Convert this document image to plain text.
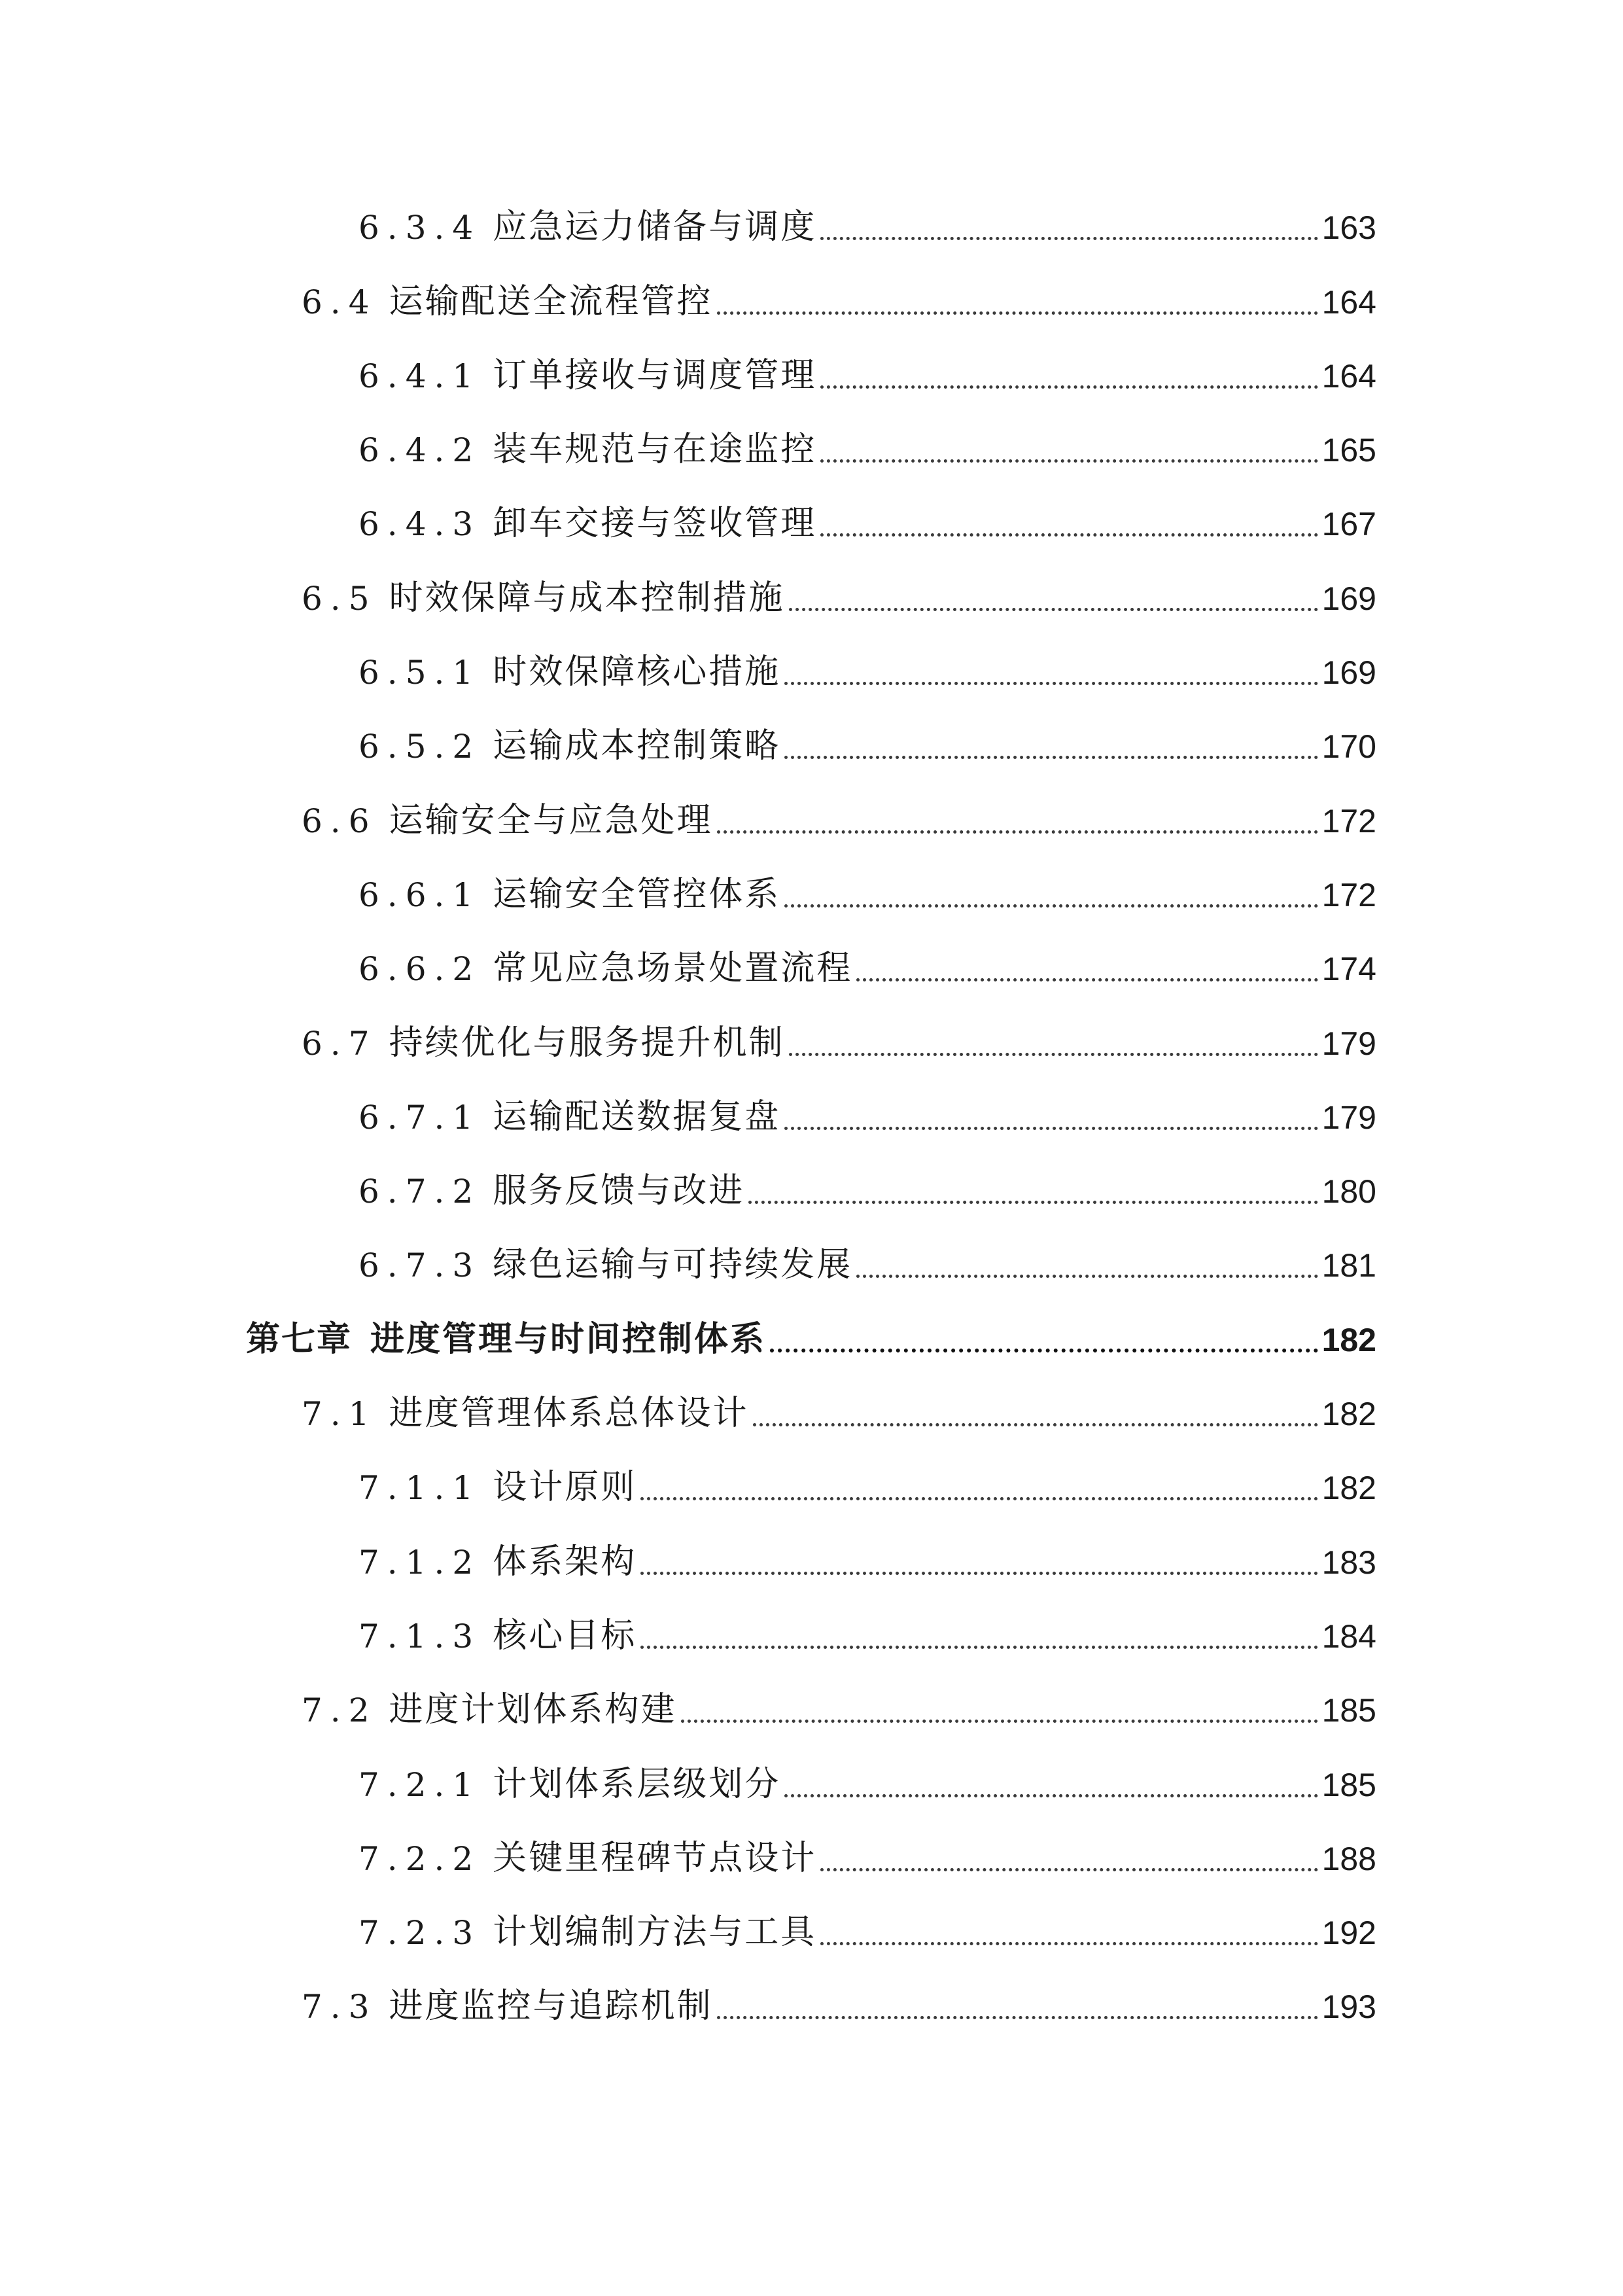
6.3.4 应急运力储备与调度	163
6.4 运输配送全流程管控	164
6.4.1 订单接收与调度管理	164
6.4.2 装车规范与在途监控	165
6.4.3 卸车交接与签收管理	167
6.5 时效保障与成本控制措施	169
6.5.1 时效保障核心措施	169
6.5.2 运输成本控制策略	170
6.6 运输安全与应急处理	172
6.6.1 运输安全管控体系	172
6.6.2 常见应急场景处置流程	174
6.7 持续优化与服务提升机制	179
6.7.1 运输配送数据复盘	179
6.7.2 服务反馈与改进	180
6.7.3 绿色运输与可持续发展	181
第七章 进度管理与时间控制体系	182
7.1 进度管理体系总体设计	182
7.1.1 设计原则	182
7.1.2 体系架构	183
7.1.3 核心目标	184
7.2 进度计划体系构建	185
7.2.1 计划体系层级划分	185
7.2.2 关键里程碑节点设计	188
7.2.3 计划编制方法与工具	192
7.3 进度监控与追踪机制	193
